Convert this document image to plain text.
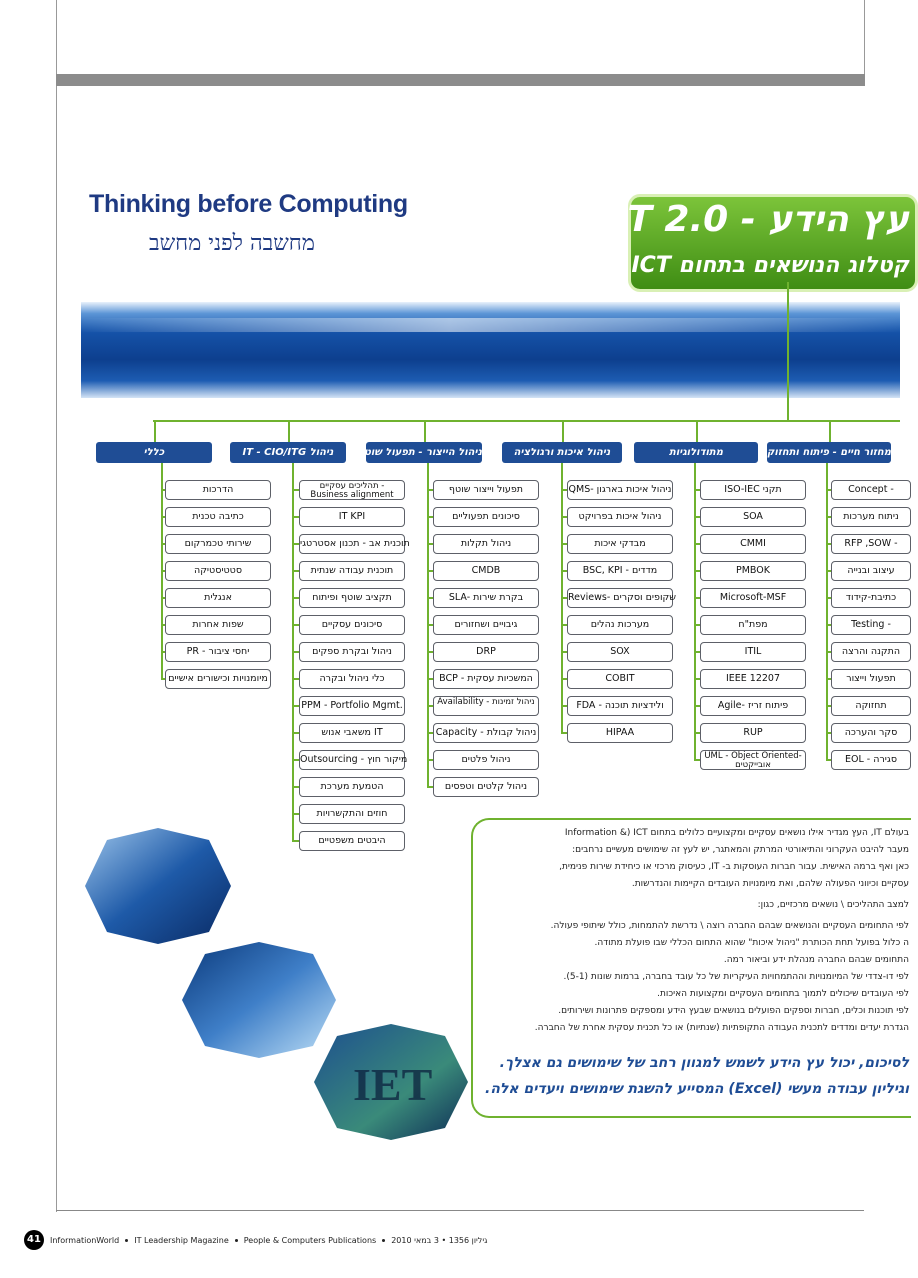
Thinking before Computing
מחשבה לפני מחשב
עץ הידע - IT 2.0
קטלוג הנושאים בתחום ICT
כללי
הדרכות
כתיבה טכנית
שירותי טכמרקום
סטטיסטיקה
אנגלית
שפות אחרות
PR - יחסי ציבור
מיומנויות וכישורים אישיים
ניהול IT - CIO/ITG
תהליכים עסקיים - Business alignment
IT KPI
תוכנית אב - תכנון אסטרטגי
תוכנית עבודה שנתית
תקציב שוטף ופיתוח
סיכונים עסקיים
ניהול ובקרת ספקים
כלי ניהול ובקרה
PPM - Portfolio Mgmt.
משאבי אנוש IT
Outsourcing - מיקור חוץ
הטמעת מערכת
חוזים והתקשרויות
היבטים משפטיים
ניהול הייצור - תפעול שוטף
תפעול וייצור שוטף
סיכונים תפעוליים
ניהול תקלות
CMDB
SLA- בקרת שירות
גיבויים ושחזורים
DRP
BCP - המשכיות עסקית
Availability - ניהול זמינות
Capacity - ניהול קבולת
ניהול פלטים
ניהול קלטים וטפסים
ניהול איכות ורגולציה
QMS- ניהול איכות בארגון
ניהול איכות בפרויקט
מבדקי איכות
BSC, KPI - מדדים
Reviews- שקופים וסקרים
מערכות נהלים
SOX
COBIT
FDA - ולידציות תוכנה
HIPAA
מתודולוגיות
ISO-IEC תקני
SOA
CMMI
PMBOK
Microsoft-MSF
מפת"ח
ITIL
IEEE 12207
Agile- פיתוח זריז
RUP
UML - Object Oriented- אובייקטים
מחזור חיים - פיתוח ותחזוקה
Concept -
ניתוח מערכות
RFP ,SOW -
עיצוב ובנייה
כתיבת-קידוד
Testing -
התקנה והרצה
תפעול וייצור
תחזוקה
סקר והערכה
EOL - סגירה
IET
בעולם IT, העץ מגדיר אילו נושאים עסקיים ומקצועיים כלולים בתחום Information &) ICT
מעבר להיבט העקרוני והתיאורטי המרתק והמאתגר, יש לעץ זה שימושים מעשיים נרחבים:
כאן ואף ברמה האישית. עבור חברות העוסקות ב- IT, כעיסוק מרכזי או כיחידת שירות פנימית,
עסקיים וכיווני הפעולה שלהם, ואת מיומנויות העובדים הקיימות והנדרשות.
למצב התהליכים \ נושאים מרכזיים, כגון:
לפי התחומים העסקיים והנושאים שבהם החברה רוצה \ נדרשת להתמחות, כולל שיתופי פעולה.
ה כלול בפועל תחת הכותרת "ניהול איכות" שהוא התחום הכללי שבו פועלת מתודה.
התחומים שבהם החברה מנהלת ידע וביאור רמה.
לפי דו-צדדי של המיומנויות וההתמחויות העיקריות של כל עובד בחברה, ברמות שונות (5-1).
לפי העובדים שיכולים לתמוך בתחומים העסקיים ומקצועות האיכות.
לפי תוכנות וכלים, חברות וספקים הפועלים בנושאים שבעץ הידע ומספקים פתרונות ושירותים.
הגדרת יעדים ומדדים לתכנית העבודה התקופתיות (שנתיות) או כל תכנית עסקית אחרת של החברה.
לסיכום, יכול עץ הידע לשמש למגוון רחב של שימושים גם אצלך.
וגיליון עבודה מעשי (Excel) המסייע להשגת שימושים ויעדים אלה.
41	InformationWorld IT Leadership Magazine People & Computers Publications גיליון 1356 • 3 במאי 2010
